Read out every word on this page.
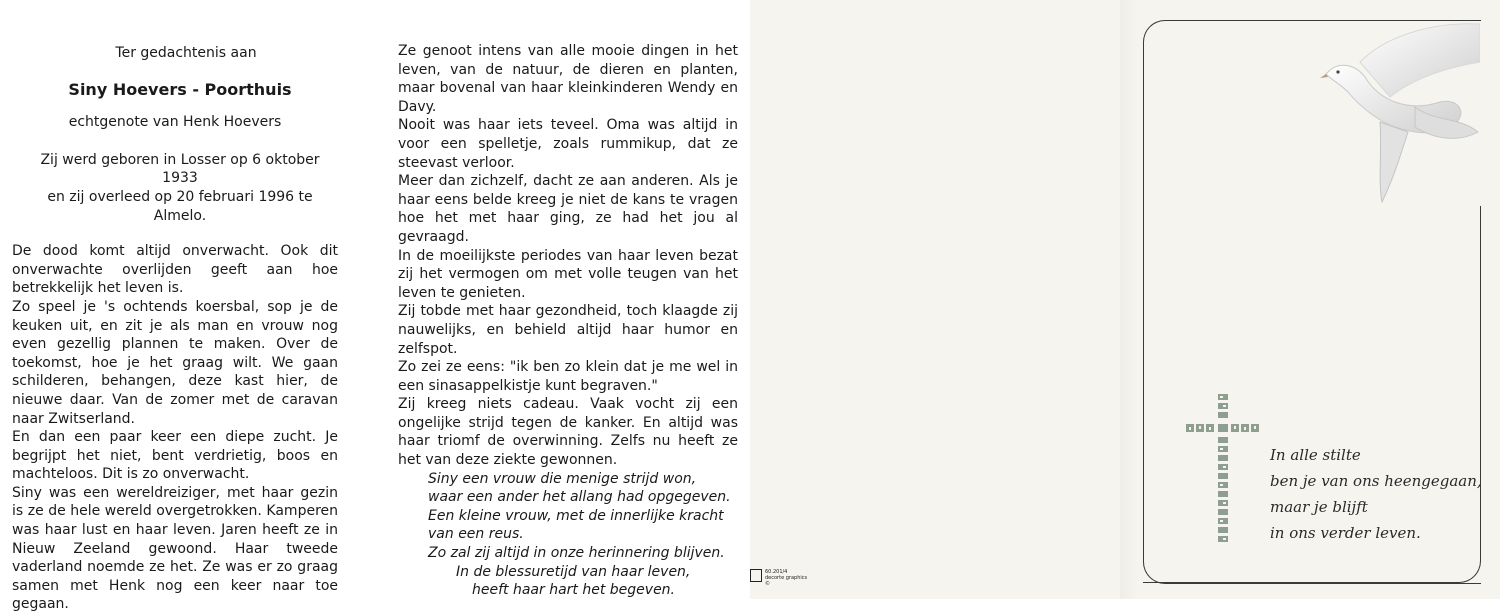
Ter gedachtenis aan
Siny Hoevers - Poorthuis
echtgenote van Henk Hoevers
Zij werd geboren in Losser op 6 oktober 1933
en zij overleed op 20 februari 1996 te Almelo.
De dood komt altijd onverwacht. Ook dit onverwachte overlijden geeft aan hoe betrekkelijk het leven is.
Zo speel je 's ochtends koersbal, sop je de keuken uit, en zit je als man en vrouw nog even gezellig plannen te maken. Over de toekomst, hoe je het graag wilt. We gaan schilderen, behangen, deze kast hier, de nieuwe daar. Van de zomer met de caravan naar Zwitserland.
En dan een paar keer een diepe zucht. Je begrijpt het niet, bent verdrietig, boos en machteloos. Dit is zo onverwacht.
Siny was een wereldreiziger, met haar gezin is ze de hele wereld overgetrokken. Kamperen was haar lust en haar leven. Jaren heeft ze in Nieuw Zeeland gewoond. Haar tweede vaderland noemde ze het. Ze was er zo graag samen met Henk nog een keer naar toe gegaan.
Ze genoot intens van alle mooie dingen in het leven, van de natuur, de dieren en planten, maar bovenal van haar kleinkinderen Wendy en Davy.
Nooit was haar iets teveel. Oma was altijd in voor een spelletje, zoals rummikup, dat ze steevast verloor.
Meer dan zichzelf, dacht ze aan anderen. Als je haar eens belde kreeg je niet de kans te vragen hoe het met haar ging, ze had het jou al gevraagd.
In de moeilijkste periodes van haar leven bezat zij het vermogen om met volle teugen van het leven te genieten.
Zij tobde met haar gezondheid, toch klaagde zij nauwelijks, en behield altijd haar humor en zelfspot.
Zo zei ze eens: "ik ben zo klein dat je me wel in een sinasappelkistje kunt begraven."
Zij kreeg niets cadeau. Vaak vocht zij een ongelijke strijd tegen de kanker. En altijd was haar triomf de overwinning. Zelfs nu heeft ze het van deze ziekte gewonnen.
Siny een vrouw die menige strijd won,
waar een ander het allang had opgegeven.
Een kleine vrouw, met de innerlijke kracht
van een reus.
Zo zal zij altijd in onze herinnering blijven.
In de blessuretijd van haar leven,
heeft haar hart het begeven.
60.201/4
decorte graphics ©
In alle stilte
ben je van ons heengegaan,
maar je blijft
in ons verder leven.
